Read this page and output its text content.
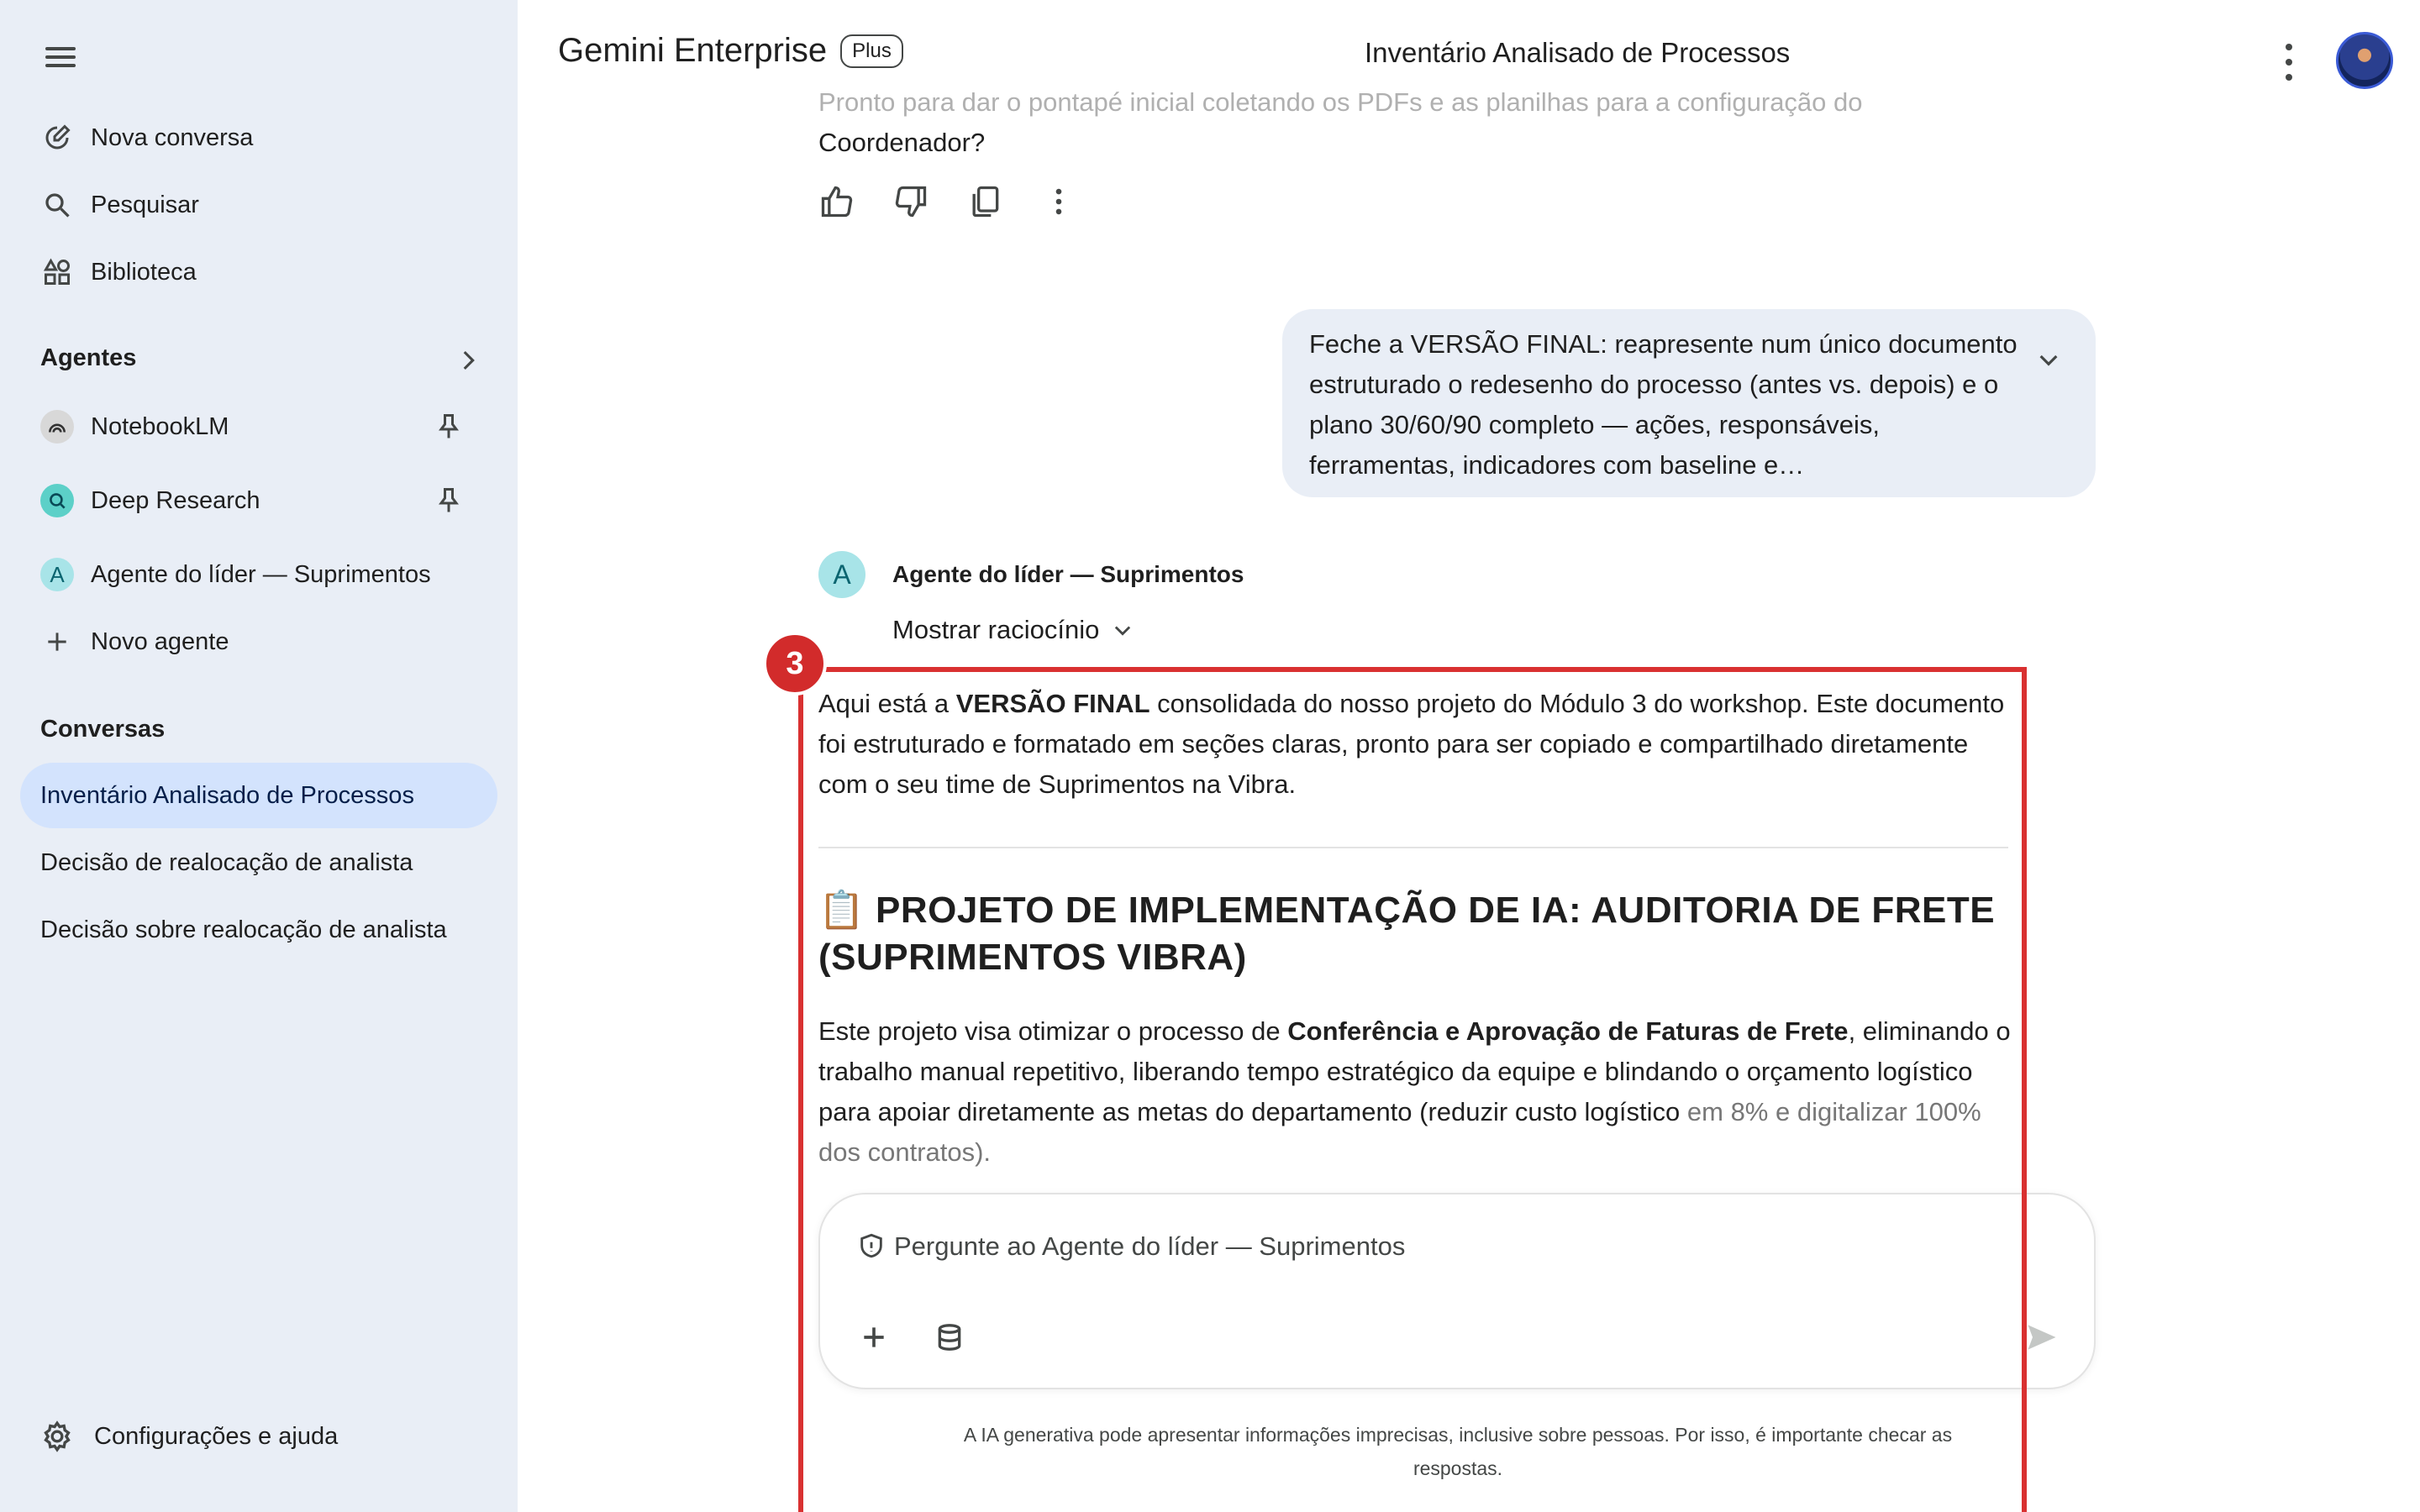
Nova conversa
Pesquisar
Biblioteca
Agentes
NotebookLM
Deep Research
A	Agente do líder — Suprimentos
Novo agente
Conversas
Inventário Analisado de Processos
Decisão de realocação de analista
Decisão sobre realocação de analista
Configurações e ajuda
Gemini Enterprise	Plus	Inventário Analisado de Processos
Pronto para dar o pontapé inicial coletando os PDFs e as planilhas para a configuração do
Coordenador?
Feche a VERSÃO FINAL: reapresente num único documento estruturado o redesenho do processo (antes vs. depois) e o plano 30/60/90 completo — ações, responsáveis, ferramentas, indicadores com baseline e…
A	Agente do líder — Suprimentos
Mostrar raciocínio
Aqui está a VERSÃO FINAL consolidada do nosso projeto do Módulo 3 do workshop. Este documento foi estruturado e formatado em seções claras, pronto para ser copiado e compartilhado diretamente com o seu time de Suprimentos na Vibra.
📋 PROJETO DE IMPLEMENTAÇÃO DE IA: AUDITORIA DE FRETE (SUPRIMENTOS VIBRA)
Este projeto visa otimizar o processo de Conferência e Aprovação de Faturas de Frete, eliminando o trabalho manual repetitivo, liberando tempo estratégico da equipe e blindando o orçamento logístico para apoiar diretamente as metas do departamento (reduzir custo logístico em 8% e digitalizar 100% dos contratos).
Pergunte ao Agente do líder — Suprimentos
A IA generativa pode apresentar informações imprecisas, inclusive sobre pessoas. Por isso, é importante checar as respostas.
3
